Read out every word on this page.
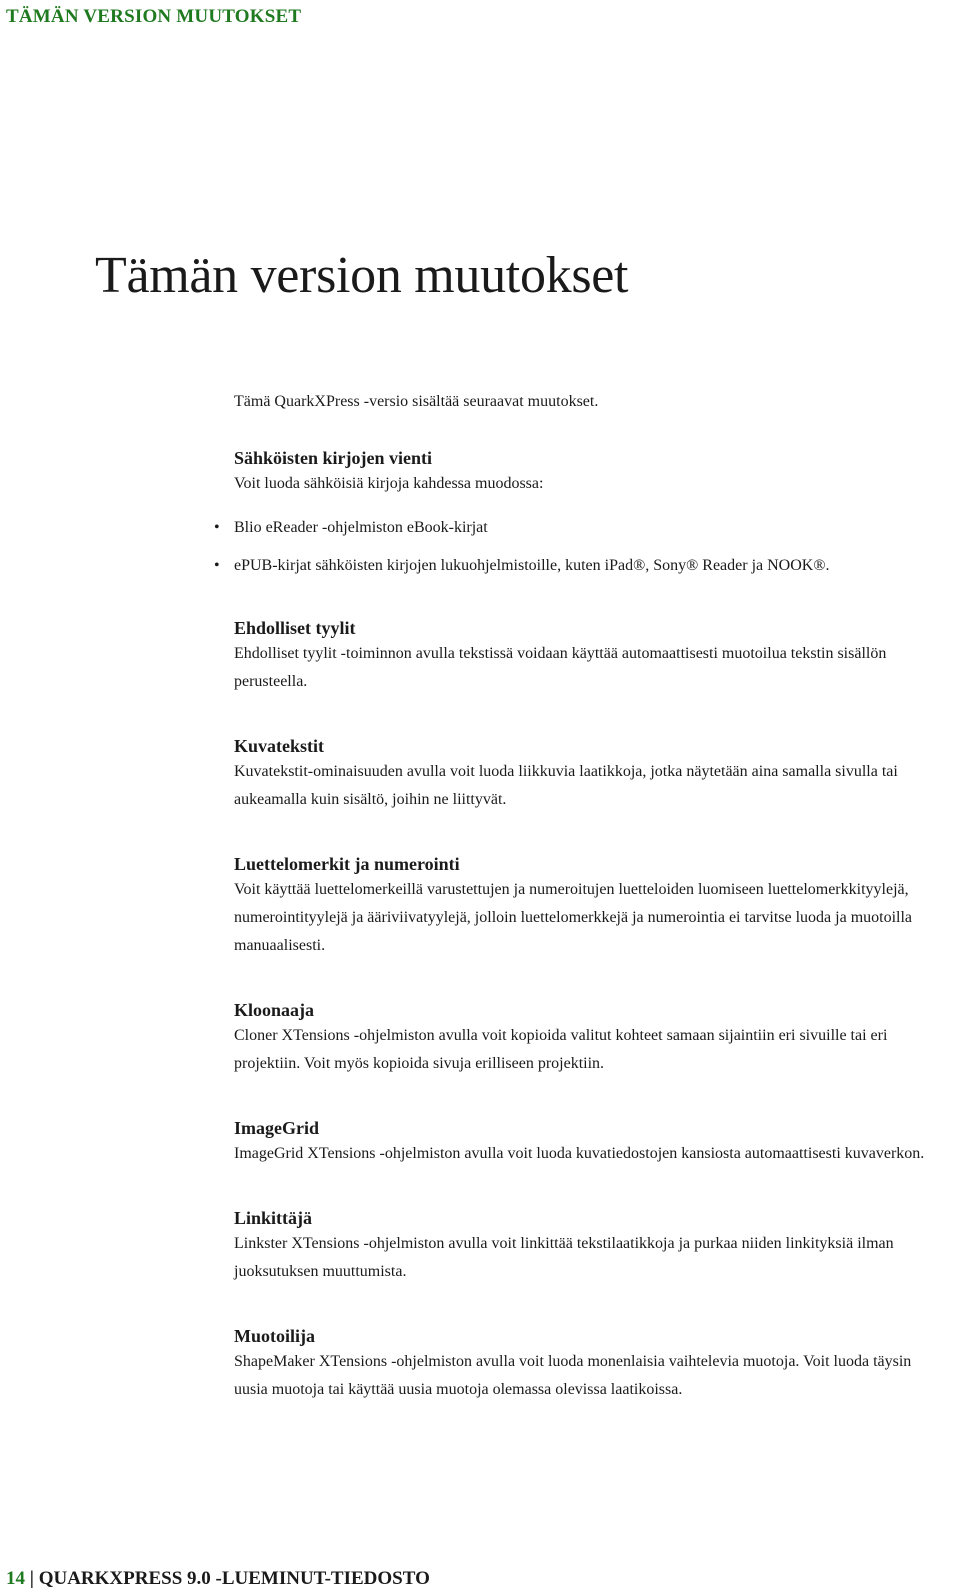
TÄMÄN VERSION MUUTOKSET
Tämän version muutokset

Tämä QuarkXPress -versio sisältää seuraavat muutokset.

Sähköisten kirjojen vienti

Voit luoda sähköisiä kirjoja kahdessa muodossa:

• Blio eReader -ohjelmiston eBook-kirjat
• ePUB-kirjat sähköisten kirjojen lukuohjelmistoille, kuten iPad®, Sony® Reader ja NOOK®.
Ehdolliset tyylit

Ehdolliset tyylit -toiminnon avulla tekstissä voidaan käyttää automaattisesti muotoilua tekstin sisällön perusteella.

Kuvatekstit

Kuvatekstit-ominaisuuden avulla voit luoda liikkuvia laatikkoja, jotka näytetään aina samalla sivulla tai aukeamalla kuin sisältö, joihin ne liittyvät.

Luettelomerkit ja numerointi

Voit käyttää luettelomerkeillä varustettujen ja numeroitujen luetteloiden luomiseen luettelomerkkityylejä, numerointityylejä ja ääriviivatyylejä, jolloin luettelomerkkejä ja numerointia ei tarvitse luoda ja muotoilla manuaalisesti.

Kloonaaja

Cloner XTensions -ohjelmiston avulla voit kopioida valitut kohteet samaan sijaintiin eri sivuille tai eri projektiin. Voit myös kopioida sivuja erilliseen projektiin.

ImageGrid

ImageGrid XTensions -ohjelmiston avulla voit luoda kuvatiedostojen kansiosta automaattisesti kuvaverkon.

Linkittäjä

Linkster XTensions -ohjelmiston avulla voit linkittää tekstilaatikkoja ja purkaa niiden linkityksiä ilman juoksutuksen muuttumista.

Muotoilija

ShapeMaker XTensions -ohjelmiston avulla voit luoda monenlaisia vaihtelevia muotoja. Voit luoda täysin uusia muotoja tai käyttää uusia muotoja olemassa olevissa laatikoissa.

14 | QUARKXPRESS 9.0 -LUEMINUT-TIEDOSTO
